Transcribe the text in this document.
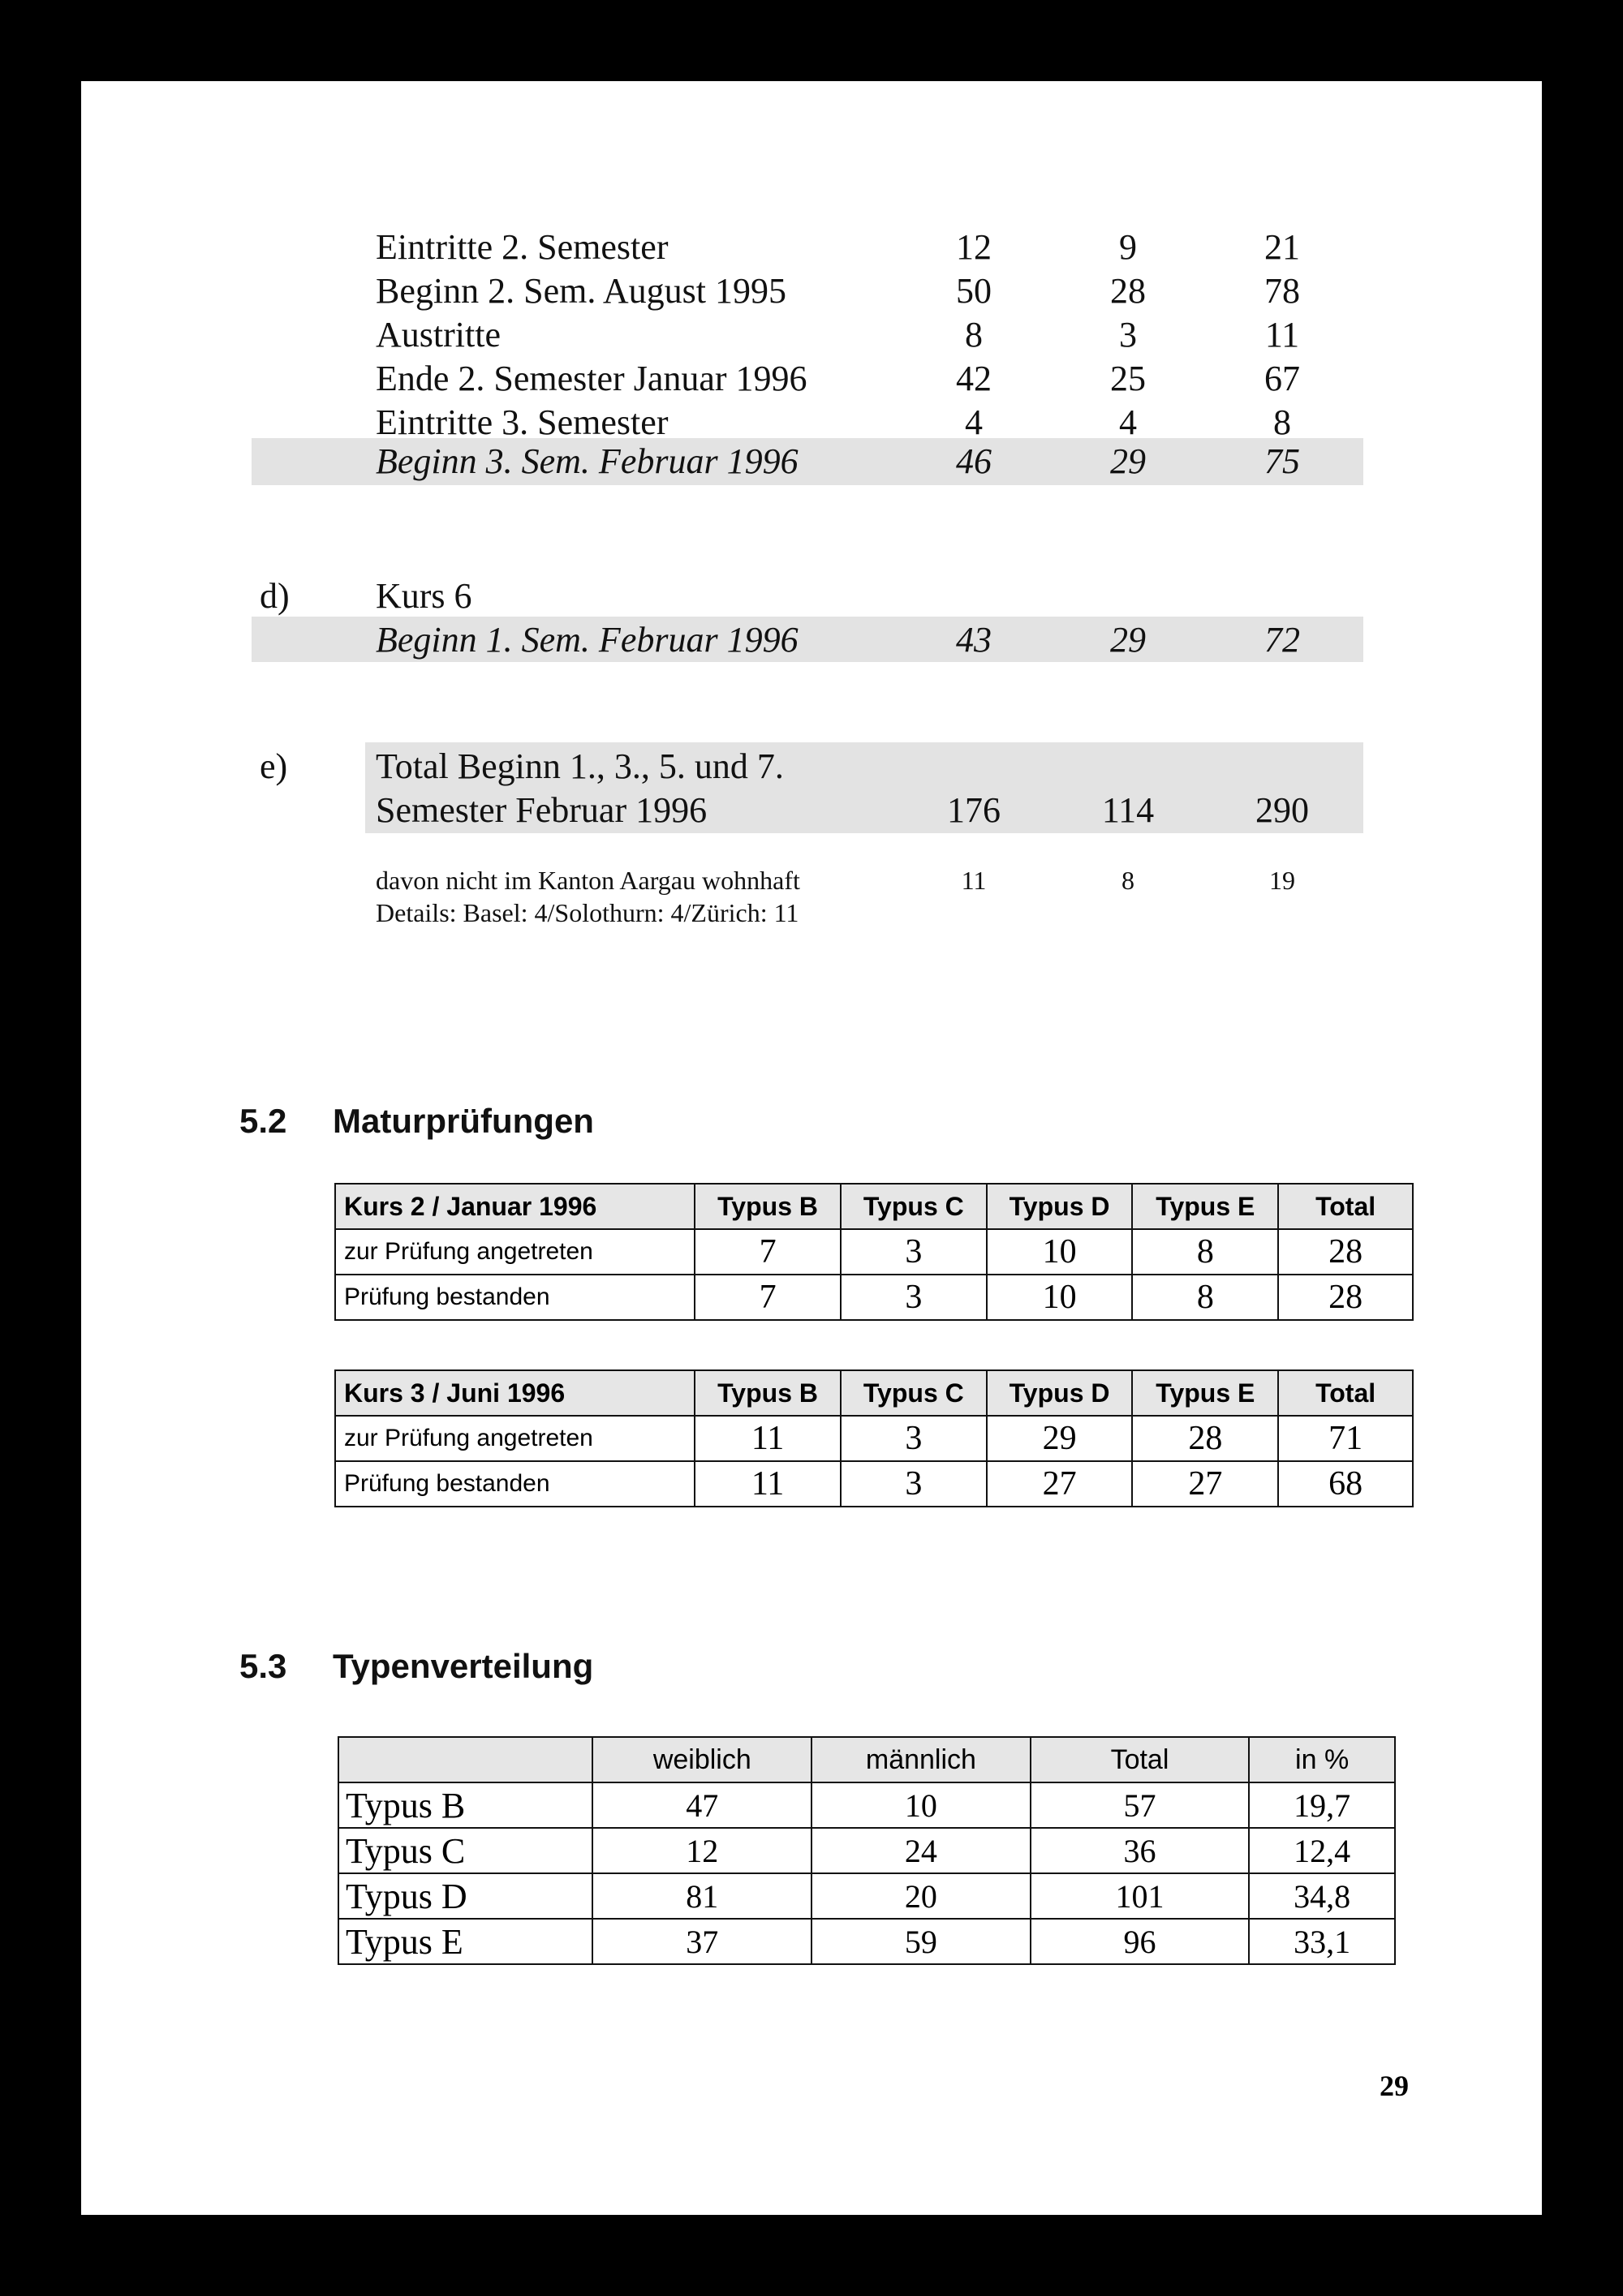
Eintritte 2. Semester	12	9	21
Beginn 2. Sem. August 1995	50	28	78
Austritte	8	3	11
Ende 2. Semester Januar 1996	42	25	67
Eintritte 3. Semester	4	4	8
Beginn 3. Sem. Februar 1996	46	29	75
d) Kurs 6
Beginn 1. Sem. Februar 1996	43	29	72
e) Total Beginn 1., 3., 5. und 7.
Semester Februar 1996	176	114	290
davon nicht im Kanton Aargau wohnhaft	11	8	19
Details: Basel: 4/Solothurn: 4/Zürich: 11
5.2 Maturprüfungen
Kurs 2 / Januar 1996	Typus B	Typus C	Typus D	Typus E	Total
zur Prüfung angetreten	7	3	10	8	28
Prüfung bestanden	7	3	10	8	28
Kurs 3 / Juni 1996	Typus B	Typus C	Typus D	Typus E	Total
zur Prüfung angetreten	11	3	29	28	71
Prüfung bestanden	11	3	27	27	68
5.3 Typenverteilung
	weiblich	männlich	Total	in %
Typus B	47	10	57	19,7
Typus C	12	24	36	12,4
Typus D	81	20	101	34,8
Typus E	37	59	96	33,1
29
